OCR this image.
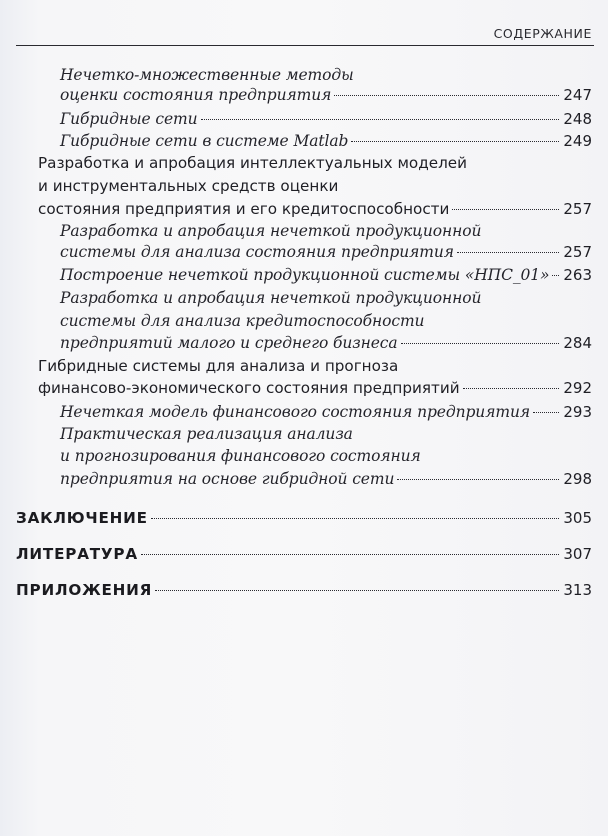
СОДЕРЖАНИЕ
Нечетко-множественные методы
оценки состояния предприятия	247
Гибридные сети	248
Гибридные сети в системе Matlab	249
Разработка и апробация интеллектуальных моделей
и инструментальных средств оценки
состояния предприятия и его кредитоспособности	257
Разработка и апробация нечеткой продукционной
системы для анализа состояния предприятия	257
Построение нечеткой продукционной системы «НПС_01» 263
Разработка и апробация нечеткой продукционной
системы для анализа кредитоспособности
предприятий малого и среднего бизнеса	284
Гибридные системы для анализа и прогноза
финансово-экономического состояния предприятий	292
Нечеткая модель финансового состояния предприятия 293
Практическая реализация анализа
и прогнозирования финансового состояния
предприятия на основе гибридной сети	298
ЗАКЛЮЧЕНИЕ	305
ЛИТЕРАТУРА	307
ПРИЛОЖЕНИЯ	313
